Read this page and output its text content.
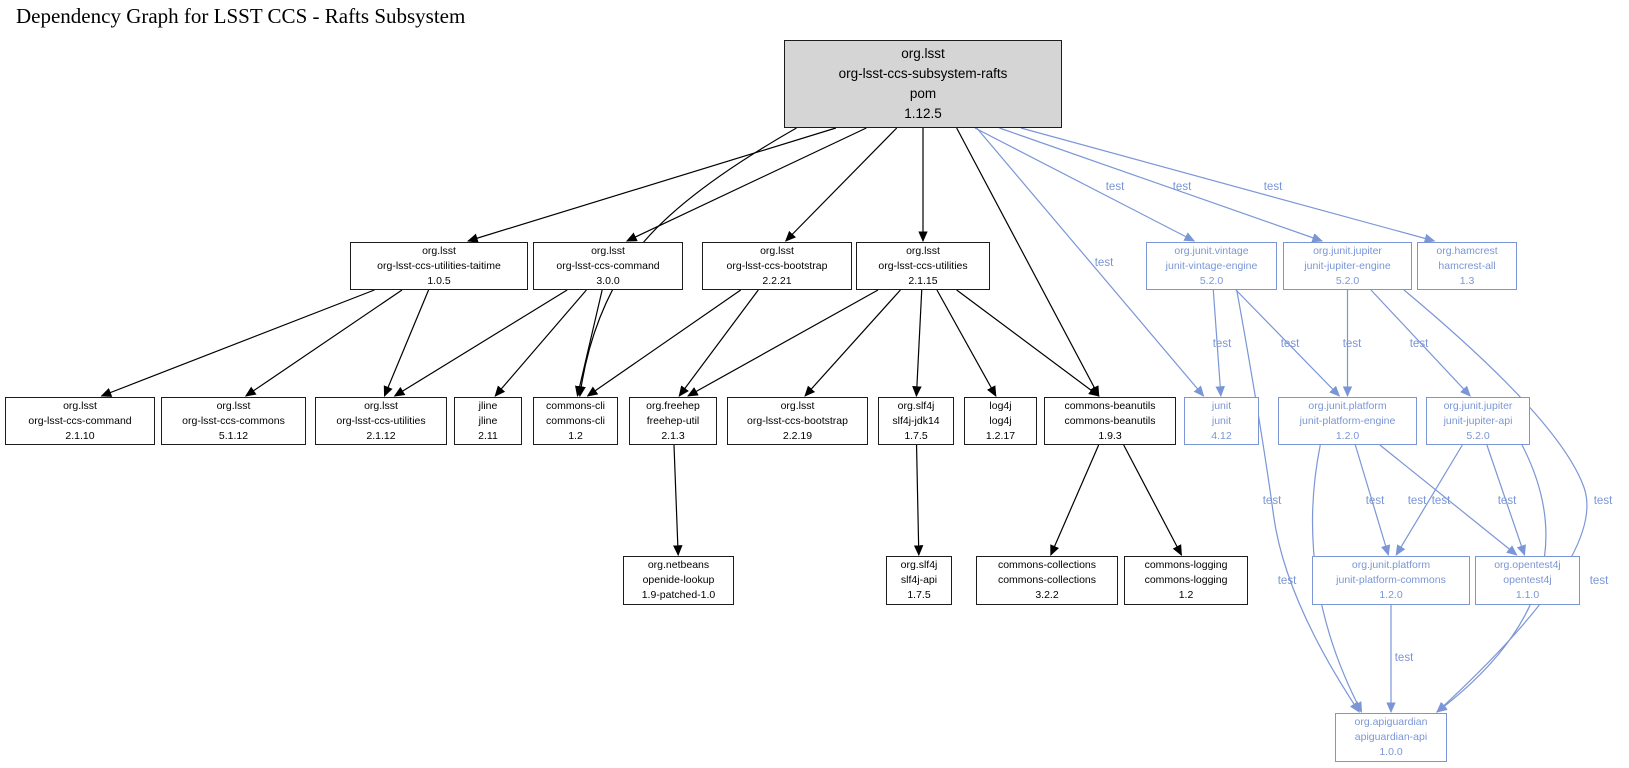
Dependency Graph for LSST CCS - Rafts Subsystem
org.lsst
org-lsst-ccs-subsystem-rafts
pom
1.12.5
org.lsst
org-lsst-ccs-utilities-taitime
1.0.5
org.lsst
org-lsst-ccs-command
3.0.0
org.lsst
org-lsst-ccs-bootstrap
2.2.21
org.lsst
org-lsst-ccs-utilities
2.1.15
org.junit.vintage
junit-vintage-engine
5.2.0
org.junit.jupiter
junit-jupiter-engine
5.2.0
org.hamcrest
hamcrest-all
1.3
org.lsst
org-lsst-ccs-command
2.1.10
org.lsst
org-lsst-ccs-commons
5.1.12
org.lsst
org-lsst-ccs-utilities
2.1.12
jline
jline
2.11
commons-cli
commons-cli
1.2
org.freehep
freehep-util
2.1.3
org.lsst
org-lsst-ccs-bootstrap
2.2.19
org.slf4j
slf4j-jdk14
1.7.5
log4j
log4j
1.2.17
commons-beanutils
commons-beanutils
1.9.3
junit
junit
4.12
org.junit.platform
junit-platform-engine
1.2.0
org.junit.jupiter
junit-jupiter-api
5.2.0
org.netbeans
openide-lookup
1.9-patched-1.0
org.slf4j
slf4j-api
1.7.5
commons-collections
commons-collections
3.2.2
commons-logging
commons-logging
1.2
org.junit.platform
junit-platform-commons
1.2.0
org.opentest4j
opentest4j
1.1.0
org.apiguardian
apiguardian-api
1.0.0
test	test	test
test
test	test	test	test
test	test test test	test	test
test	test
test
